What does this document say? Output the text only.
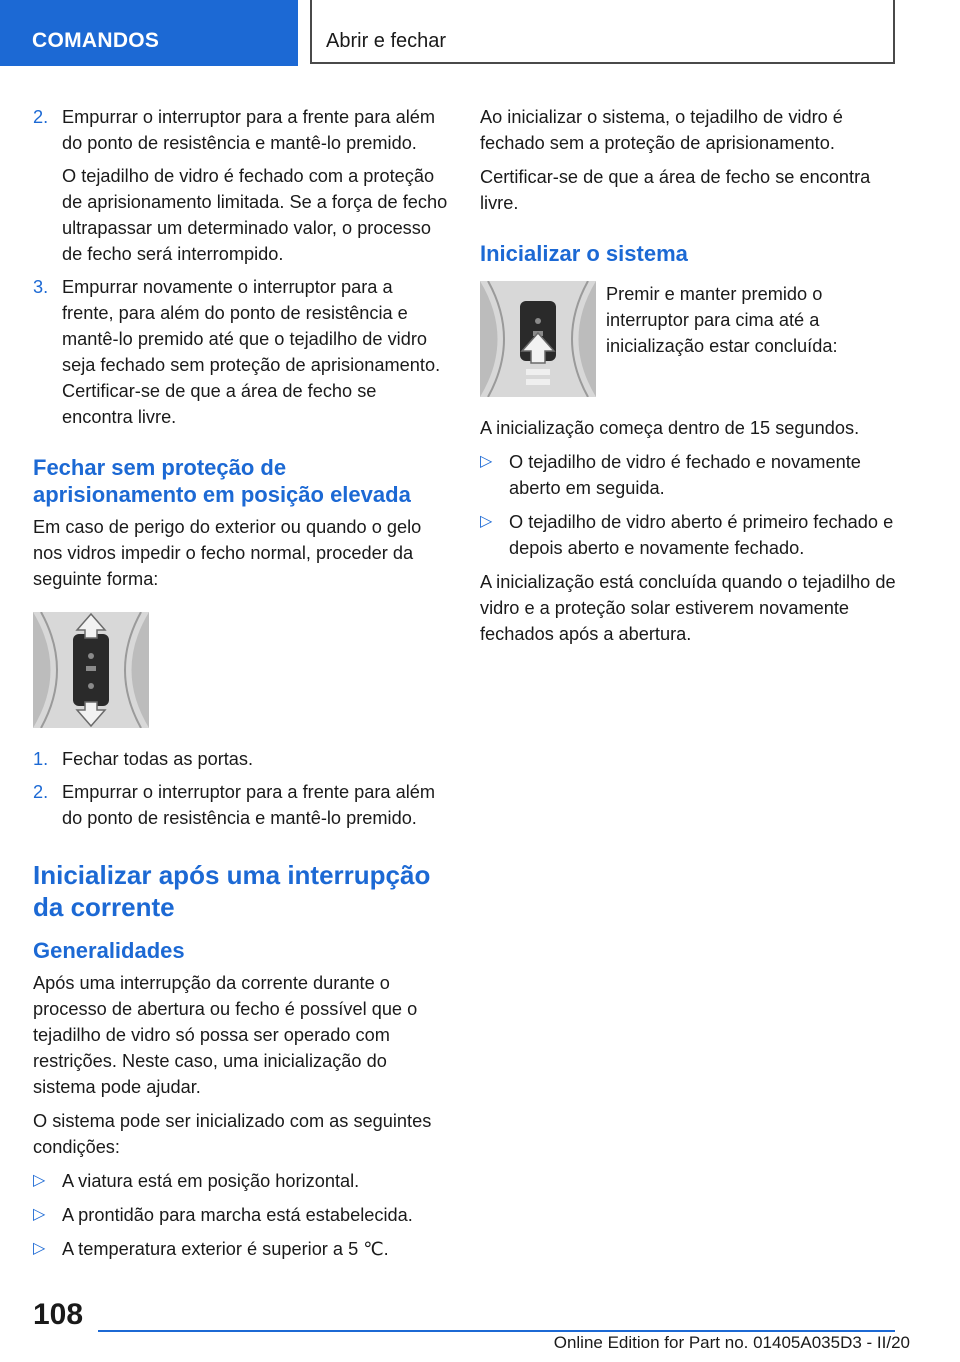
COMANDOS	Abrir e fechar
2. Empurrar o interruptor para a frente para além do ponto de resistência e mantê-lo premido.

O tejadilho de vidro é fechado com a proteção de aprisionamento limitada. Se a força de fecho ultrapassar um determinado valor, o processo de fecho será interrompido.

3. Empurrar novamente o interruptor para a frente, para além do ponto de resistência e mantê-lo premido até que o tejadilho de vidro seja fechado sem proteção de aprisionamento. Certificar-se de que a área de fecho se encontra livre.

Fechar sem proteção de aprisionamento em posição elevada

Em caso de perigo do exterior ou quando o gelo nos vidros impedir o fecho normal, proceder da seguinte forma:

1. Fechar todas as portas.

2. Empurrar o interruptor para a frente para além do ponto de resistência e mantê-lo premido.

Inicializar após uma interrupção da corrente
Generalidades

Após uma interrupção da corrente durante o processo de abertura ou fecho é possível que o tejadilho de vidro só possa ser operado com restrições. Neste caso, uma inicialização do sistema pode ajudar.

O sistema pode ser inicializado com as seguintes condições:

▷ A viatura está em posição horizontal.
▷ A prontidão para marcha está estabelecida.
▷ A temperatura exterior é superior a 5 ℃.

Ao inicializar o sistema, o tejadilho de vidro é fechado sem a proteção de aprisionamento.

Certificar-se de que a área de fecho se encontra livre.

Inicializar o sistema

Premir e manter premido o interruptor para cima até a inicialização estar concluída:

A inicialização começa dentro de 15 segundos.

▷ O tejadilho de vidro é fechado e novamente aberto em seguida.
▷ O tejadilho de vidro aberto é primeiro fechado e depois aberto e novamente fechado.

A inicialização está concluída quando o tejadilho de vidro e a proteção solar estiverem novamente fechados após a abertura.

108
Online Edition for Part no. 01405A035D3 - II/20
